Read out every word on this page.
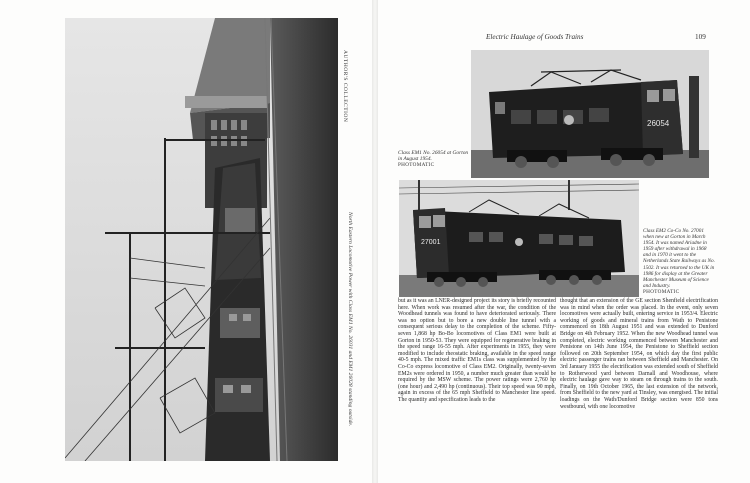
AUTHOR'S COLLECTION
North Eastern Locomotive Power with Class EM1 No. 26031 and EM1 26028 standing outside.
Electric Haulage of Goods Trains	109
26054
Class EM1 No. 26054 at Gorton in August 1954.
PHOTOMATIC
27001
Class EM2 Co-Co No. 27001 when new at Gorton in March 1954. It was named Ariadne in 1959 after withdrawal in 1968 and in 1970 it went to the Netherlands State Railways as No. 1502. It was returned to the UK in 1986 for display at the Greater Manchester Museum of Science and Industry.
PHOTOMATIC

but as it was an LNER-designed project its story is briefly recounted here. When work was resumed after the war, the condition of the Woodhead tunnels was found to have deteriorated seriously. There was no option but to bore a new double line tunnel with a consequent serious delay to the completion of the scheme. Fifty-seven 1,868 hp Bo-Bo locomotives of Class EM1 were built at Gorton in 1950-53. They were equipped for regenerative braking in the speed range 16-55 mph. After experiments in 1955, they were modified to include rheostatic braking, available in the speed range 40-5 mph. The mixed traffic EM1s class was supplemented by the Co-Co express locomotive of Class EM2. Originally, twenty-seven EM2s were ordered in 1950, a number much greater than would be required by the MSW scheme. The power ratings were 2,760 hp (one hour) and 2,490 hp (continuous). Their top speed was 90 mph, again in excess of the 65 mph Sheffield to Manchester line speed. The quantity and specification leads to the

thought that an extension of the GE section Shenfield electrification was in mind when the order was placed. In the event, only seven locomotives were actually built, entering service in 1953/4. Electric working of goods and mineral trains from Wath to Penistone commenced on 18th August 1951 and was extended to Dunford Bridge on 4th February 1952. When the new Woodhead tunnel was completed, electric working commenced between Manchester and Penistone on 14th June 1954, the Penistone to Sheffield section followed on 20th September 1954, on which day the first public electric passenger trains ran between Sheffield and Manchester. On 3rd January 1955 the electrification was extended south of Sheffield to Rotherwood yard between Darnall and Woodhouse, where electric haulage gave way to steam on through trains to the south. Finally, on 19th October 1965, the last extension of the network, from Sheffield to the new yard at Tinsley, was energised. The initial loadings on the Wath/Dunford Bridge section were 850 tons westbound, with one locomotive
